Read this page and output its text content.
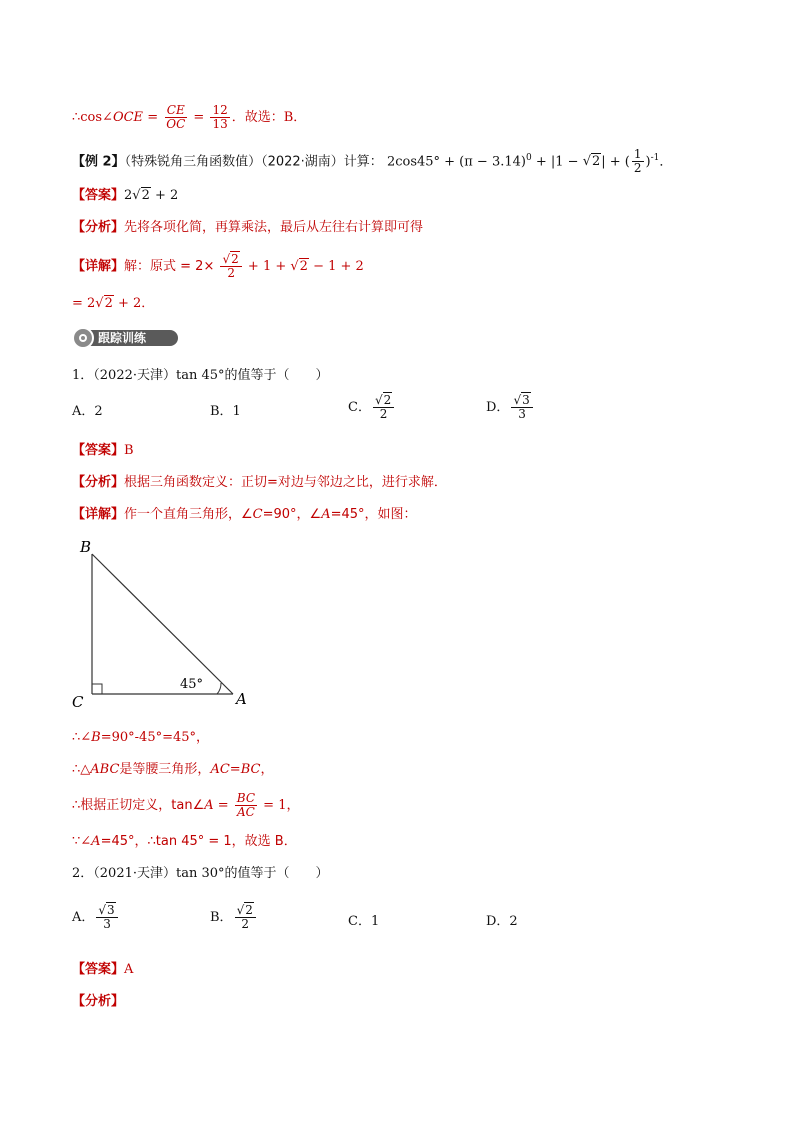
∴cos∠OCE = $\frac{CE}{OC} = \frac{12}{13}$ ．故选：B．
【例 2】（特殊锐角三角函数值）（2022·湖南）计算： $2\cos 45^\circ + (\pi - 3.14)^0 + |1 - √2|$ + ( $\frac{1}{2} )^{-1}$．
【答案】2√2 + 2
【分析】先将各项化简，再算乘法，最后从左往右计算即可得
【详解】解：原式 = $2\times \frac{√2}{2} + 1 + √2 - 1 + 2$
= 2√2 + 2．
跟踪训练
1．（2022·天津）tan 45°的值等于（　　）
A．2	B．1	C． $\frac{√2}{2}$	D． $\frac{√3}{3}$
【答案】B
【分析】根据三角函数定义：正切=对边与邻边之比，进行求解．
【详解】作一个直角三角形，∠C=90°，∠A=45°，如图：
B
C	A
45°
∴∠B=90°-45°=45°，
∴△ABC是等腰三角形，AC=BC，
∴根据正切定义，tan∠A = $\frac{BC}{AC} = 1$，
∵∠A=45°，∴tan 45° = 1，故选 B．
2．（2021·天津）tan 30°的值等于（　　）
A． $\frac{√3}{3}$	B． $\frac{√2}{2}$	C．1	D．2
【答案】A
【分析】
